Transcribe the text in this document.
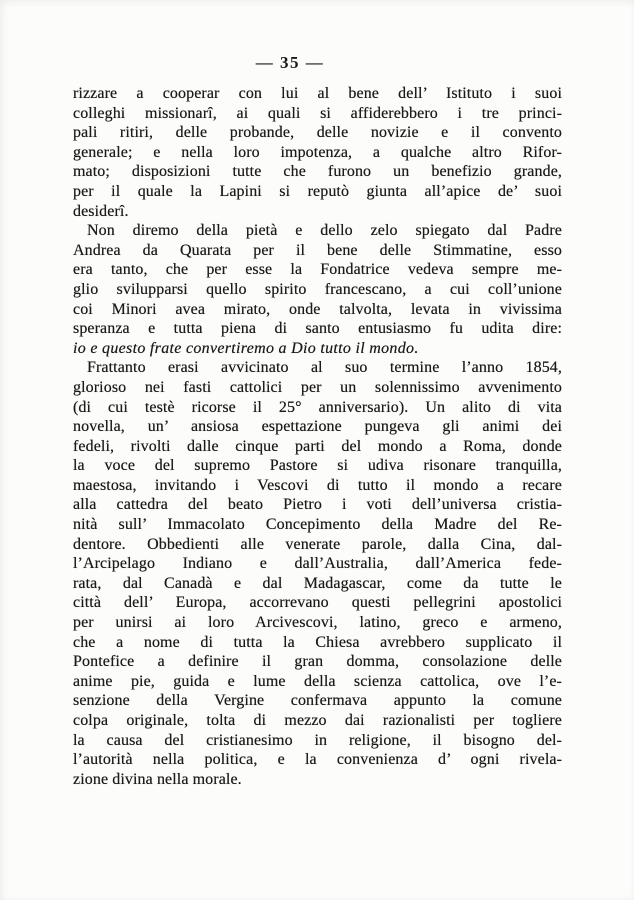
— 35 —
rizzare a cooperar con lui al bene dell’ Istituto i suoi
colleghi missionarî, ai quali si affiderebbero i tre princi-
pali ritiri, delle probande, delle novizie e il convento
generale; e nella loro impotenza, a qualche altro Rifor-
mato; disposizioni tutte che furono un benefizio grande,
per il quale la Lapini si reputò giunta all’apice de’ suoi
desiderî.
Non diremo della pietà e dello zelo spiegato dal Padre
Andrea da Quarata per il bene delle Stimmatine, esso
era tanto, che per esse la Fondatrice vedeva sempre me-
glio svilupparsi quello spirito francescano, a cui coll’unione
coi Minori avea mirato, onde talvolta, levata in vivissima
speranza e tutta piena di santo entusiasmo fu udita dire:
io e questo frate convertiremo a Dio tutto il mondo.
Frattanto erasi avvicinato al suo termine l’anno 1854,
glorioso nei fasti cattolici per un solennissimo avvenimento
(di cui testè ricorse il 25° anniversario). Un alito di vita
novella, un’ ansiosa espettazione pungeva gli animi dei
fedeli, rivolti dalle cinque parti del mondo a Roma, donde
la voce del supremo Pastore si udiva risonare tranquilla,
maestosa, invitando i Vescovi di tutto il mondo a recare
alla cattedra del beato Pietro i voti dell’universa cristia-
nità sull’ Immacolato Concepimento della Madre del Re-
dentore. Obbedienti alle venerate parole, dalla Cina, dal-
l’Arcipelago Indiano e dall’Australia, dall’America fede-
rata, dal Canadà e dal Madagascar, come da tutte le
città dell’ Europa, accorrevano questi pellegrini apostolici
per unirsi ai loro Arcivescovi, latino, greco e armeno,
che a nome di tutta la Chiesa avrebbero supplicato il
Pontefice a definire il gran domma, consolazione delle
anime pie, guida e lume della scienza cattolica, ove l’e-
senzione della Vergine confermava appunto la comune
colpa originale, tolta di mezzo dai razionalisti per togliere
la causa del cristianesimo in religione, il bisogno del-
l’autorità nella politica, e la convenienza d’ ogni rivela-
zione divina nella morale.
